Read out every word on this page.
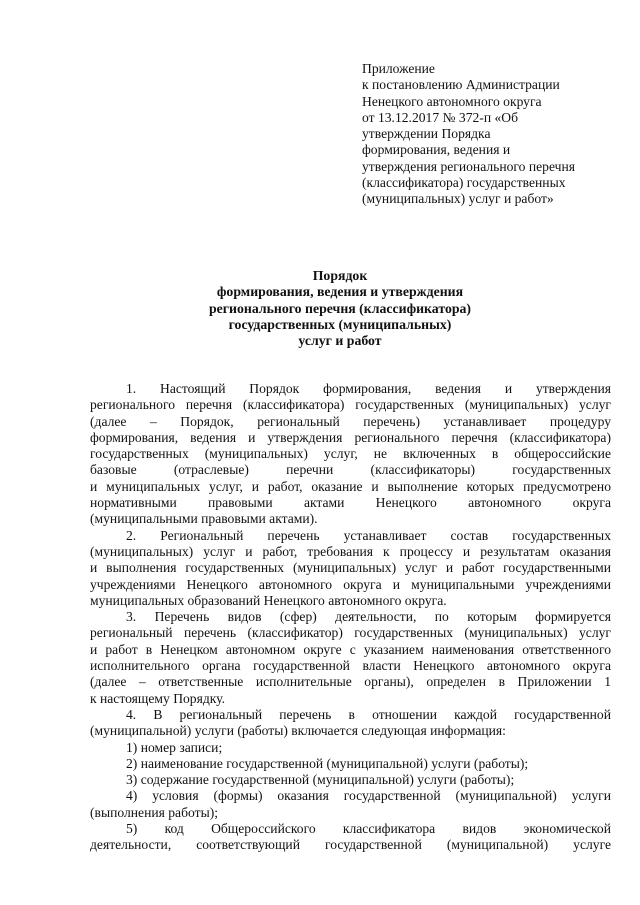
Приложение
к постановлению Администрации
Ненецкого автономного округа
от 13.12.2017 № 372-п «Об
утверждении Порядка
формирования, ведения и
утверждения регионального перечня
(классификатора) государственных
(муниципальных) услуг и работ»
Порядок
формирования, ведения и утверждения
регионального перечня (классификатора)
государственных (муниципальных)
услуг и работ
1. Настоящий Порядок формирования, ведения и утверждения
регионального перечня (классификатора) государственных (муниципальных) услуг
(далее – Порядок, региональный перечень) устанавливает процедуру
формирования, ведения и утверждения регионального перечня (классификатора)
государственных (муниципальных) услуг, не включенных в общероссийские
базовые (отраслевые) перечни (классификаторы) государственных
и муниципальных услуг, и работ, оказание и выполнение которых предусмотрено
нормативными правовыми актами Ненецкого автономного округа
(муниципальными правовыми актами).
2. Региональный перечень устанавливает состав государственных
(муниципальных) услуг и работ, требования к процессу и результатам оказания
и выполнения государственных (муниципальных) услуг и работ государственными
учреждениями Ненецкого автономного округа и муниципальными учреждениями
муниципальных образований Ненецкого автономного округа.
3. Перечень видов (сфер) деятельности, по которым формируется
региональный перечень (классификатор) государственных (муниципальных) услуг
и работ в Ненецком автономном округе с указанием наименования ответственного
исполнительного органа государственной власти Ненецкого автономного округа
(далее – ответственные исполнительные органы), определен в Приложении 1
к настоящему Порядку.
4. В региональный перечень в отношении каждой государственной
(муниципальной) услуги (работы) включается следующая информация:
1) номер записи;
2) наименование государственной (муниципальной) услуги (работы);
3) содержание государственной (муниципальной) услуги (работы);
4) условия (формы) оказания государственной (муниципальной) услуги
(выполнения работы);
5) код Общероссийского классификатора видов экономической
деятельности, соответствующий государственной (муниципальной) услуге
